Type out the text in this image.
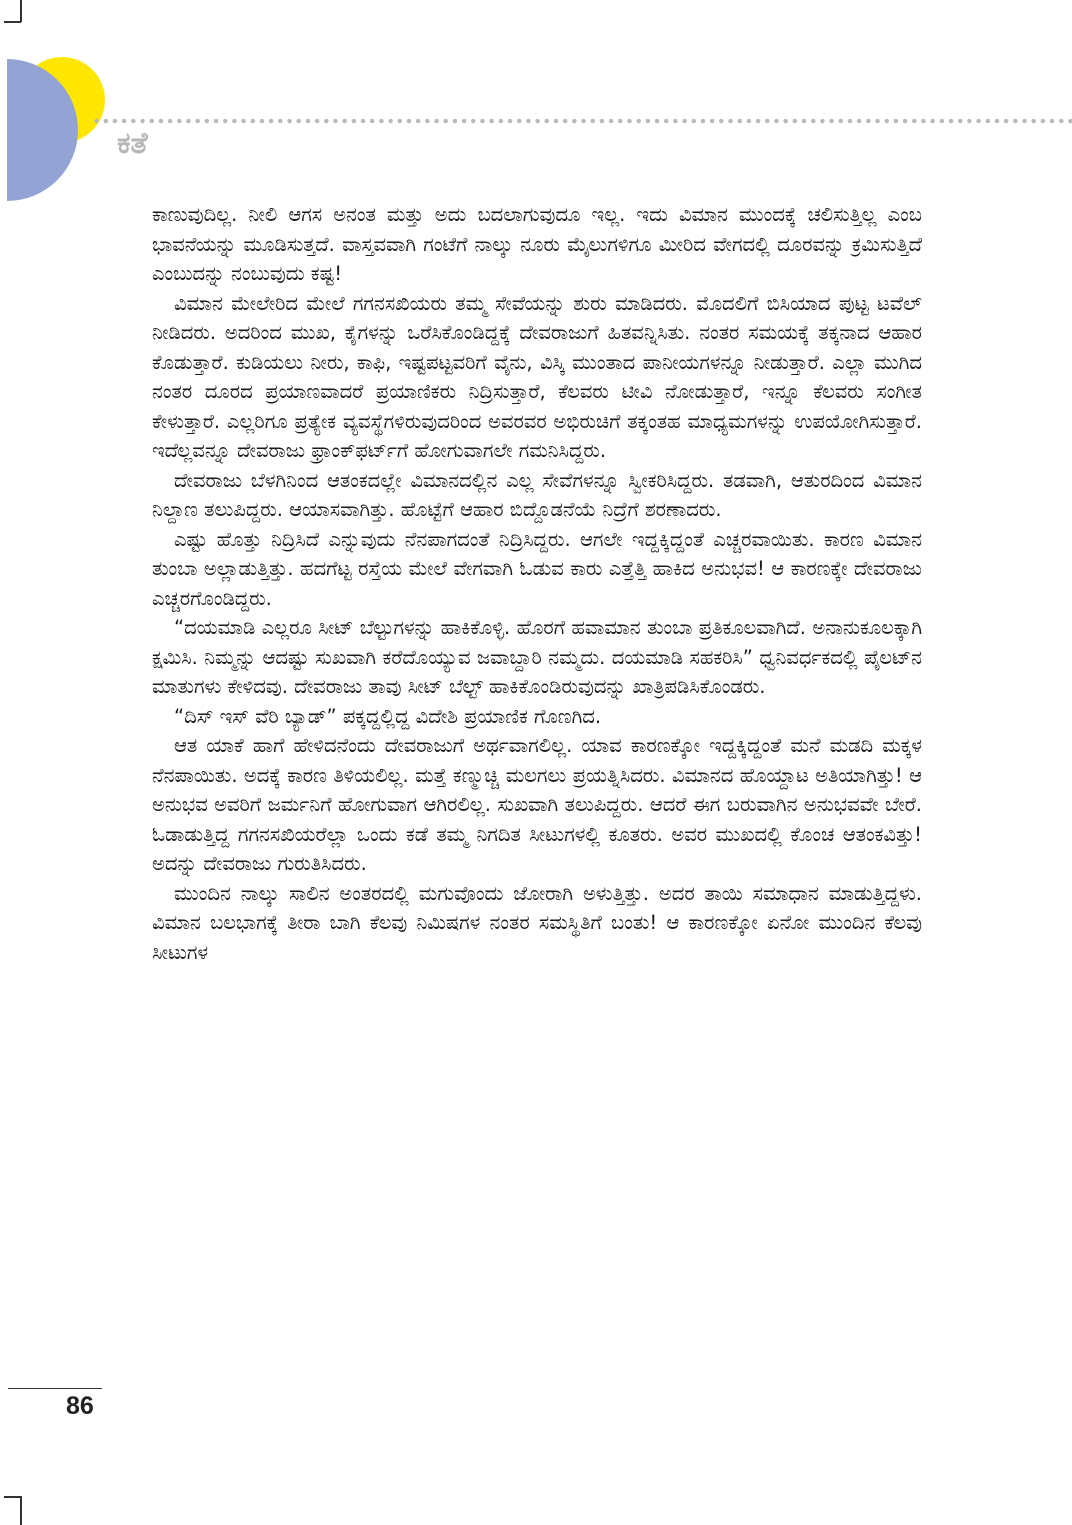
ಕತೆ

ಕಾಣುವುದಿಲ್ಲ. ನೀಲಿ ಆಗಸ ಅನಂತ ಮತ್ತು ಅದು ಬದಲಾಗುವುದೂ ಇಲ್ಲ. ಇದು ವಿಮಾನ ಮುಂದಕ್ಕೆ ಚಲಿಸುತ್ತಿಲ್ಲ ಎಂಬ ಭಾವನೆಯನ್ನು ಮೂಡಿಸುತ್ತದೆ. ವಾಸ್ತವವಾಗಿ ಗಂಟೆಗೆ ನಾಲ್ಕು ನೂರು ಮೈಲುಗಳಿಗೂ ಮೀರಿದ ವೇಗದಲ್ಲಿ ದೂರವನ್ನು ಕ್ರಮಿಸುತ್ತಿದೆ ಎಂಬುದನ್ನು ನಂಬುವುದು ಕಷ್ಟ!

ವಿಮಾನ ಮೇಲೇರಿದ ಮೇಲೆ ಗಗನಸಖಿಯರು ತಮ್ಮ ಸೇವೆಯನ್ನು ಶುರು ಮಾಡಿದರು. ಮೊದಲಿಗೆ ಬಿಸಿಯಾದ ಪುಟ್ಟ ಟವೆಲ್ ನೀಡಿದರು. ಅದರಿಂದ ಮುಖ, ಕೈಗಳನ್ನು ಒರೆಸಿಕೊಂಡಿದ್ದಕ್ಕೆ ದೇವರಾಜುಗೆ ಹಿತವನ್ನಿಸಿತು. ನಂತರ ಸಮಯಕ್ಕೆ ತಕ್ಕನಾದ ಆಹಾರ ಕೊಡುತ್ತಾರೆ. ಕುಡಿಯಲು ನೀರು, ಕಾಫಿ, ಇಷ್ಟಪಟ್ಟವರಿಗೆ ವೈನು, ವಿಸ್ಕಿ ಮುಂತಾದ ಪಾನೀಯಗಳನ್ನೂ ನೀಡುತ್ತಾರೆ. ಎಲ್ಲಾ ಮುಗಿದ ನಂತರ ದೂರದ ಪ್ರಯಾಣವಾದರೆ ಪ್ರಯಾಣಿಕರು ನಿದ್ರಿಸುತ್ತಾರೆ, ಕೆಲವರು ಟೀವಿ ನೋಡುತ್ತಾರೆ, ಇನ್ನೂ ಕೆಲವರು ಸಂಗೀತ ಕೇಳುತ್ತಾರೆ. ಎಲ್ಲರಿಗೂ ಪ್ರತ್ಯೇಕ ವ್ಯವಸ್ಥೆಗಳಿರುವುದರಿಂದ ಅವರವರ ಅಭಿರುಚಿಗೆ ತಕ್ಕಂತಹ ಮಾಧ್ಯಮಗಳನ್ನು ಉಪಯೋಗಿಸುತ್ತಾರೆ. ಇದೆಲ್ಲವನ್ನೂ ದೇವರಾಜು ಫ್ರಾಂಕ್‌ಫರ್ಟ್‌ಗೆ ಹೋಗುವಾಗಲೇ ಗಮನಿಸಿದ್ದರು.

ದೇವರಾಜು ಬೆಳಗಿನಿಂದ ಆತಂಕದಲ್ಲೇ ವಿಮಾನದಲ್ಲಿನ ಎಲ್ಲ ಸೇವೆಗಳನ್ನೂ ಸ್ವೀಕರಿಸಿದ್ದರು. ತಡವಾಗಿ, ಆತುರದಿಂದ ವಿಮಾನ ನಿಲ್ದಾಣ ತಲುಪಿದ್ದರು. ಆಯಾಸವಾಗಿತ್ತು. ಹೊಟ್ಟೆಗೆ ಆಹಾರ ಬಿದ್ದೊಡನೆಯೆ ನಿದ್ರೆಗೆ ಶರಣಾದರು.

ಎಷ್ಟು ಹೊತ್ತು ನಿದ್ರಿಸಿದೆ ಎನ್ನುವುದು ನೆನಪಾಗದಂತೆ ನಿದ್ರಿಸಿದ್ದರು. ಆಗಲೇ ಇದ್ದಕ್ಕಿದ್ದಂತೆ ಎಚ್ಚರವಾಯಿತು. ಕಾರಣ ವಿಮಾನ ತುಂಬಾ ಅಲ್ಲಾಡುತ್ತಿತ್ತು. ಹದಗೆಟ್ಟ ರಸ್ತೆಯ ಮೇಲೆ ವೇಗವಾಗಿ ಓಡುವ ಕಾರು ಎತ್ತೆತ್ತಿ ಹಾಕಿದ ಅನುಭವ! ಆ ಕಾರಣಕ್ಕೇ ದೇವರಾಜು ಎಚ್ಚರಗೊಂಡಿದ್ದರು.

“ದಯಮಾಡಿ ಎಲ್ಲರೂ ಸೀಟ್ ಬೆಲ್ಟುಗಳನ್ನು ಹಾಕಿಕೊಳ್ಳಿ. ಹೊರಗೆ ಹವಾಮಾನ ತುಂಬಾ ಪ್ರತಿಕೂಲವಾಗಿದೆ. ಅನಾನುಕೂಲಕ್ಕಾಗಿ ಕ್ಷಮಿಸಿ. ನಿಮ್ಮನ್ನು ಆದಷ್ಟು ಸುಖವಾಗಿ ಕರೆದೊಯ್ಯುವ ಜವಾಬ್ದಾರಿ ನಮ್ಮದು. ದಯಮಾಡಿ ಸಹಕರಿಸಿ” ಧ್ವನಿವರ್ಧಕದಲ್ಲಿ ಪೈಲಟ್‌ನ ಮಾತುಗಳು ಕೇಳಿದವು. ದೇವರಾಜು ತಾವು ಸೀಟ್ ಬೆಲ್ಟ್ ಹಾಕಿಕೊಂಡಿರುವುದನ್ನು ಖಾತ್ರಿಪಡಿಸಿಕೊಂಡರು.

“ದಿಸ್ ಇಸ್ ವೆರಿ ಬ್ಯಾಡ್” ಪಕ್ಕದ್ದಲ್ಲಿದ್ದ ವಿದೇಶಿ ಪ್ರಯಾಣಿಕ ಗೊಣಗಿದ.

ಆತ ಯಾಕೆ ಹಾಗೆ ಹೇಳಿದನೆಂದು ದೇವರಾಜುಗೆ ಅರ್ಥವಾಗಲಿಲ್ಲ. ಯಾವ ಕಾರಣಕ್ಕೋ ಇದ್ದಕ್ಕಿದ್ದಂತೆ ಮನೆ ಮಡದಿ ಮಕ್ಕಳ ನೆನಪಾಯಿತು. ಅದಕ್ಕೆ ಕಾರಣ ತಿಳಿಯಲಿಲ್ಲ. ಮತ್ತೆ ಕಣ್ಮುಚ್ಚಿ ಮಲಗಲು ಪ್ರಯತ್ನಿಸಿದರು. ವಿಮಾನದ ಹೊಯ್ದಾಟ ಅತಿಯಾಗಿತ್ತು! ಆ ಅನುಭವ ಅವರಿಗೆ ಜರ್ಮನಿಗೆ ಹೋಗುವಾಗ ಆಗಿರಲಿಲ್ಲ. ಸುಖವಾಗಿ ತಲುಪಿದ್ದರು. ಆದರೆ ಈಗ ಬರುವಾಗಿನ ಅನುಭವವೇ ಬೇರೆ. ಓಡಾಡುತ್ತಿದ್ದ ಗಗನಸಖಿಯರೆಲ್ಲಾ ಒಂದು ಕಡೆ ತಮ್ಮ ನಿಗದಿತ ಸೀಟುಗಳಲ್ಲಿ ಕೂತರು. ಅವರ ಮುಖದಲ್ಲಿ ಕೊಂಚ ಆತಂಕವಿತ್ತು! ಅದನ್ನು ದೇವರಾಜು ಗುರುತಿಸಿದರು.

ಮುಂದಿನ ನಾಲ್ಕು ಸಾಲಿನ ಅಂತರದಲ್ಲಿ ಮಗುವೊಂದು ಜೋರಾಗಿ ಅಳುತ್ತಿತ್ತು. ಅದರ ತಾಯಿ ಸಮಾಧಾನ ಮಾಡುತ್ತಿದ್ದಳು. ವಿಮಾನ ಬಲಭಾಗಕ್ಕೆ ತೀರಾ ಬಾಗಿ ಕೆಲವು ನಿಮಿಷಗಳ ನಂತರ ಸಮಸ್ಥಿತಿಗೆ ಬಂತು! ಆ ಕಾರಣಕ್ಕೋ ಏನೋ ಮುಂದಿನ ಕೆಲವು ಸೀಟುಗಳ

86
